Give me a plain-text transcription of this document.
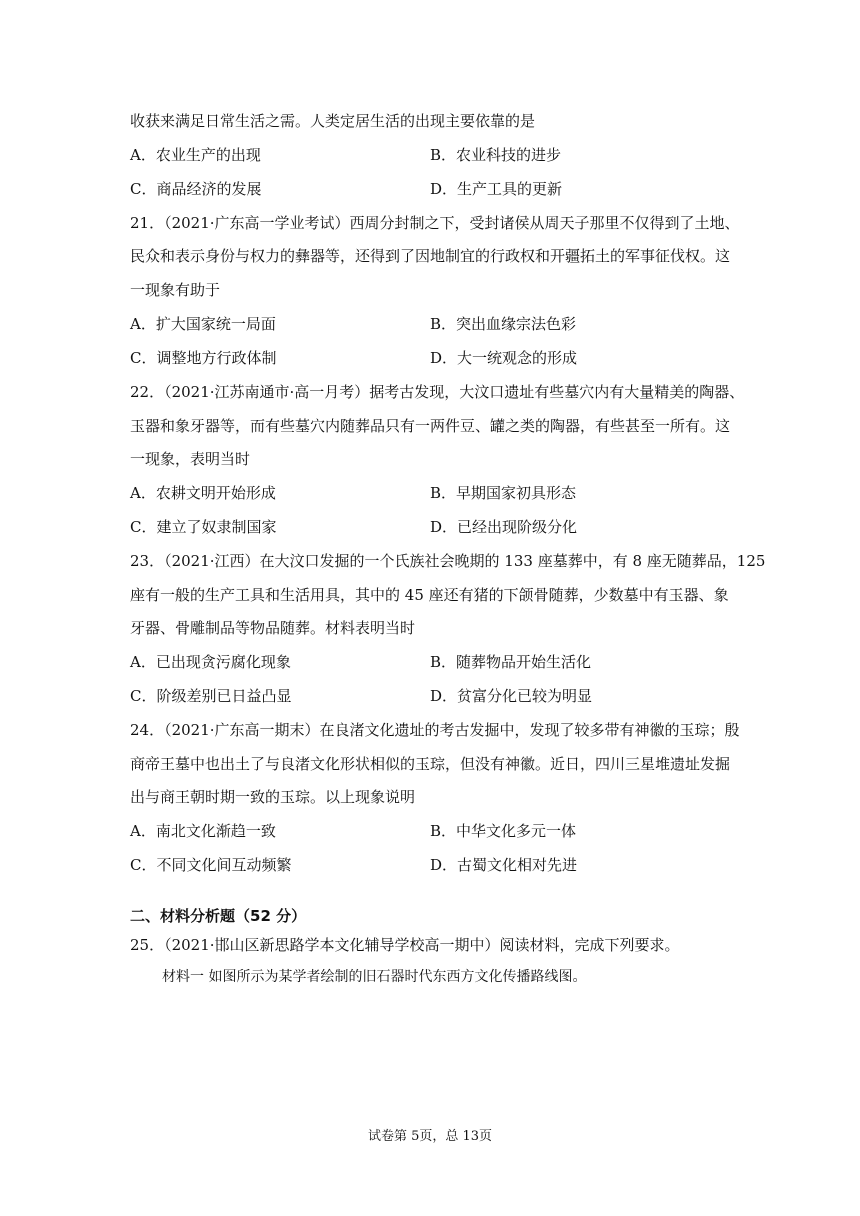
收获来满足日常生活之需。人类定居生活的出现主要依靠的是
A．农业生产的出现	B．农业科技的进步
C．商品经济的发展	D．生产工具的更新
21．（2021·广东高一学业考试）西周分封制之下，受封诸侯从周天子那里不仅得到了土地、
民众和表示身份与权力的彝器等，还得到了因地制宜的行政权和开疆拓土的军事征伐权。这
一现象有助于
A．扩大国家统一局面	B．突出血缘宗法色彩
C．调整地方行政体制	D．大一统观念的形成
22．（2021·江苏南通市·高一月考）据考古发现，大汶口遗址有些墓穴内有大量精美的陶器、
玉器和象牙器等，而有些墓穴内随葬品只有一两件豆、罐之类的陶器，有些甚至一所有。这
一现象，表明当时
A．农耕文明开始形成	B．早期国家初具形态
C．建立了奴隶制国家	D．已经出现阶级分化
23．（2021·江西）在大汶口发掘的一个氏族社会晚期的 133 座墓葬中，有 8 座无随葬品，125
座有一般的生产工具和生活用具，其中的 45 座还有猪的下颌骨随葬，少数墓中有玉器、象
牙器、骨雕制品等物品随葬。材料表明当时
A．已出现贪污腐化现象	B．随葬物品开始生活化
C．阶级差别已日益凸显	D．贫富分化已较为明显
24．（2021·广东高一期末）在良渚文化遗址的考古发掘中，发现了较多带有神徽的玉琮；殷
商帝王墓中也出土了与良渚文化形状相似的玉琮，但没有神徽。近日，四川三星堆遗址发掘
出与商王朝时期一致的玉琮。以上现象说明
A．南北文化渐趋一致	B．中华文化多元一体
C．不同文化间互动频繁	D．古蜀文化相对先进
二、材料分析题（52 分）
25．（2021·邯山区新思路学本文化辅导学校高一期中）阅读材料，完成下列要求。
材料一 如图所示为某学者绘制的旧石器时代东西方文化传播路线图。
试卷第 5页，总 13页
